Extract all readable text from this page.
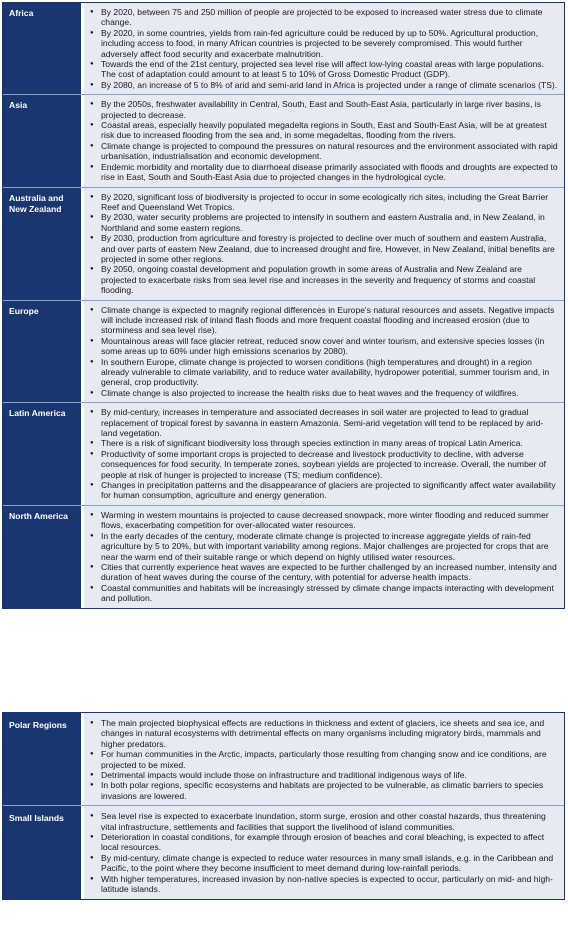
Africa	● By 2020, between 75 and 250 million of people are projected to be exposed to increased water stress due to climate change.
● By 2020, in some countries, yields from rain-fed agriculture could be reduced by up to 50%. Agricultural production, including access to food, in many African countries is projected to be severely compromised. This would further adversely affect food security and exacerbate malnutrition.
● Towards the end of the 21st century, projected sea level rise will affect low-lying coastal areas with large populations. The cost of adaptation could amount to at least 5 to 10% of Gross Domestic Product (GDP).
● By 2080, an increase of 5 to 8% of arid and semi-arid land in Africa is projected under a range of climate scenarios (TS).
Asia	● By the 2050s, freshwater availability in Central, South, East and South-East Asia, particularly in large river basins, is projected to decrease.
● Coastal areas, especially heavily populated megadelta regions in South, East and South-East Asia, will be at greatest risk due to increased flooding from the sea and, in some megadeltas, flooding from the rivers.
● Climate change is projected to compound the pressures on natural resources and the environment associated with rapid urbanisation, industrialisation and economic development.
● Endemic morbidity and mortality due to diarrhoeal disease primarily associated with floods and droughts are expected to rise in East, South and South-East Asia due to projected changes in the hydrological cycle.
Australia and New Zealand
● By 2020, significant loss of biodiversity is projected to occur in some ecologically rich sites, including the Great Barrier Reef and Queensland Wet Tropics.
● By 2030, water security problems are projected to intensify in southern and eastern Australia and, in New Zealand, in Northland and some eastern regions.
● By 2030, production from agriculture and forestry is projected to decline over much of southern and eastern Australia, and over parts of eastern New Zealand, due to increased drought and fire. However, in New Zealand, initial benefits are projected in some other regions.
● By 2050, ongoing coastal development and population growth in some areas of Australia and New Zealand are projected to exacerbate risks from sea level rise and increases in the severity and frequency of storms and coastal flooding.
Europe	● Climate change is expected to magnify regional differences in Europe's natural resources and assets. Negative impacts will include increased risk of inland flash floods and more frequent coastal flooding and increased erosion (due to storminess and sea level rise).
● Mountainous areas will face glacier retreat, reduced snow cover and winter tourism, and extensive species losses (in some areas up to 60% under high emissions scenarios by 2080).
● In southern Europe, climate change is projected to worsen conditions (high temperatures and drought) in a region already vulnerable to climate variability, and to reduce water availability, hydropower potential, summer tourism and, in general, crop productivity.
● Climate change is also projected to increase the health risks due to heat waves and the frequency of wildfires.
Latin America	● By mid-century, increases in temperature and associated decreases in soil water are projected to lead to gradual replacement of tropical forest by savanna in eastern Amazonia. Semi-arid vegetation will tend to be replaced by arid-land vegetation.
● There is a risk of significant biodiversity loss through species extinction in many areas of tropical Latin America.
● Productivity of some important crops is projected to decrease and livestock productivity to decline, with adverse consequences for food security. In temperate zones, soybean yields are projected to increase. Overall, the number of people at risk of hunger is projected to increase (TS; medium confidence).
● Changes in precipitation patterns and the disappearance of glaciers are projected to significantly affect water availability for human consumption, agriculture and energy generation.
North America	● Warming in western mountains is projected to cause decreased snowpack, more winter flooding and reduced summer flows, exacerbating competition for over-allocated water resources.
● In the early decades of the century, moderate climate change is projected to increase aggregate yields of rain-fed agriculture by 5 to 20%, but with important variability among regions. Major challenges are projected for crops that are near the warm end of their suitable range or which depend on highly utilised water resources.
● Cities that currently experience heat waves are expected to be further challenged by an increased number, intensity and duration of heat waves during the course of the century, with potential for adverse health impacts.
● Coastal communities and habitats will be increasingly stressed by climate change impacts interacting with development and pollution.
Polar Regions	● The main projected biophysical effects are reductions in thickness and extent of glaciers, ice sheets and sea ice, and changes in natural ecosystems with detrimental effects on many organisms including migratory birds, mammals and higher predators.
● For human communities in the Arctic, impacts, particularly those resulting from changing snow and ice conditions, are projected to be mixed.
● Detrimental impacts would include those on infrastructure and traditional indigenous ways of life.
● In both polar regions, specific ecosystems and habitats are projected to be vulnerable, as climatic barriers to species invasions are lowered.
Small Islands	● Sea level rise is expected to exacerbate inundation, storm surge, erosion and other coastal hazards, thus threatening vital infrastructure, settlements and facilities that support the livelihood of island communities.
● Deterioration in coastal conditions, for example through erosion of beaches and coral bleaching, is expected to affect local resources.
● By mid-century, climate change is expected to reduce water resources in many small islands, e.g. in the Caribbean and Pacific, to the point where they become insufficient to meet demand during low-rainfall periods.
● With higher temperatures, increased invasion by non-native species is expected to occur, particularly on mid- and high-latitude islands.
